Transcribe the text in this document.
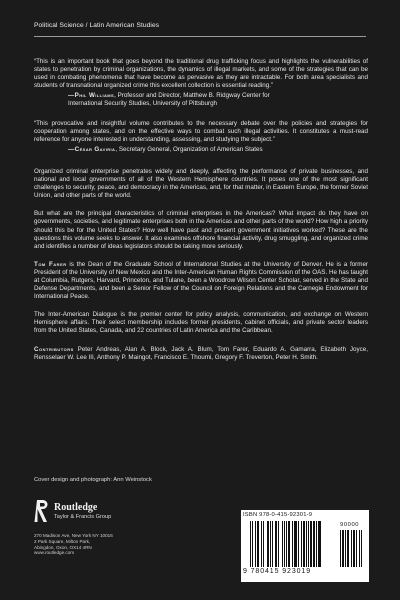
Political Science / Latin American Studies

“This is an important book that goes beyond the traditional drug trafficking focus and highlights the vulnerabilities of states to penetration by criminal organizations, the dynamics of illegal markets, and some of the strategies that can be used in combating phenomena that have become as pervasive as they are intractable. For both area specialists and students of transnational organized crime this excellent collection is essential reading.”

—Phil Williams, Professor and Director, Matthew B. Ridgway Center for
International Security Studies, University of Pittsburgh

“This provocative and insightful volume contributes to the necessary debate over the policies and strategies for cooperation among states, and on the effective ways to combat such illegal activities. It constitutes a must-read reference for anyone interested in understanding, assessing, and studying the subject.”

—César Gaviria, Secretary General, Organization of American States

Organized criminal enterprise penetrates widely and deeply, affecting the performance of private businesses, and national and local governments of all of the Western Hemisphere countries. It poses one of the most significant challenges to security, peace, and democracy in the Americas, and, for that matter, in Eastern Europe, the former Soviet Union, and other parts of the world.

But what are the principal characteristics of criminal enterprises in the Americas? What impact do they have on governments, societies, and legitimate enterprises both in the Americas and other parts of the world? How high a priority should this be for the United States? How well have past and present government initiatives worked? These are the questions this volume seeks to answer. It also examines offshore financial activity, drug smuggling, and organized crime and identifies a number of ideas legislators should be taking more seriously.

Tom Farer is the Dean of the Graduate School of International Studies at the University of Denver. He is a former President of the University of New Mexico and the Inter-American Human Rights Commission of the OAS. He has taught at Columbia, Rutgers, Harvard, Princeton, and Tulane, been a Woodrow Wilson Center Scholar, served in the State and Defense Departments, and been a Senior Fellow of the Council on Foreign Relations and the Carnegie Endowment for International Peace.

The Inter-American Dialogue is the premier center for policy analysis, communication, and exchange on Western Hemisphere affairs. Their select membership includes former presidents, cabinet officials, and private sector leaders from the United States, Canada, and 22 countries of Latin America and the Caribbean.

Contributors Peter Andreas, Alan A. Block, Jack A. Blum, Tom Farer, Eduardo A. Gamarra, Elizabeth Joyce, Rensselaer W. Lee III, Anthony P. Maingot, Francisco E. Thoumi, Gregory F. Treverton, Peter H. Smith.

Cover design and photograph: Ann Weinstock
Routledge
Taylor & Francis Group
270 Madison Ave, New York NY 10016
2 Park Square, Milton Park,
Abingdon, Oxon, OX14 4RN
www.routledge.com
ISBN 978-0-415-92301-9
90000
9 780415 923019
